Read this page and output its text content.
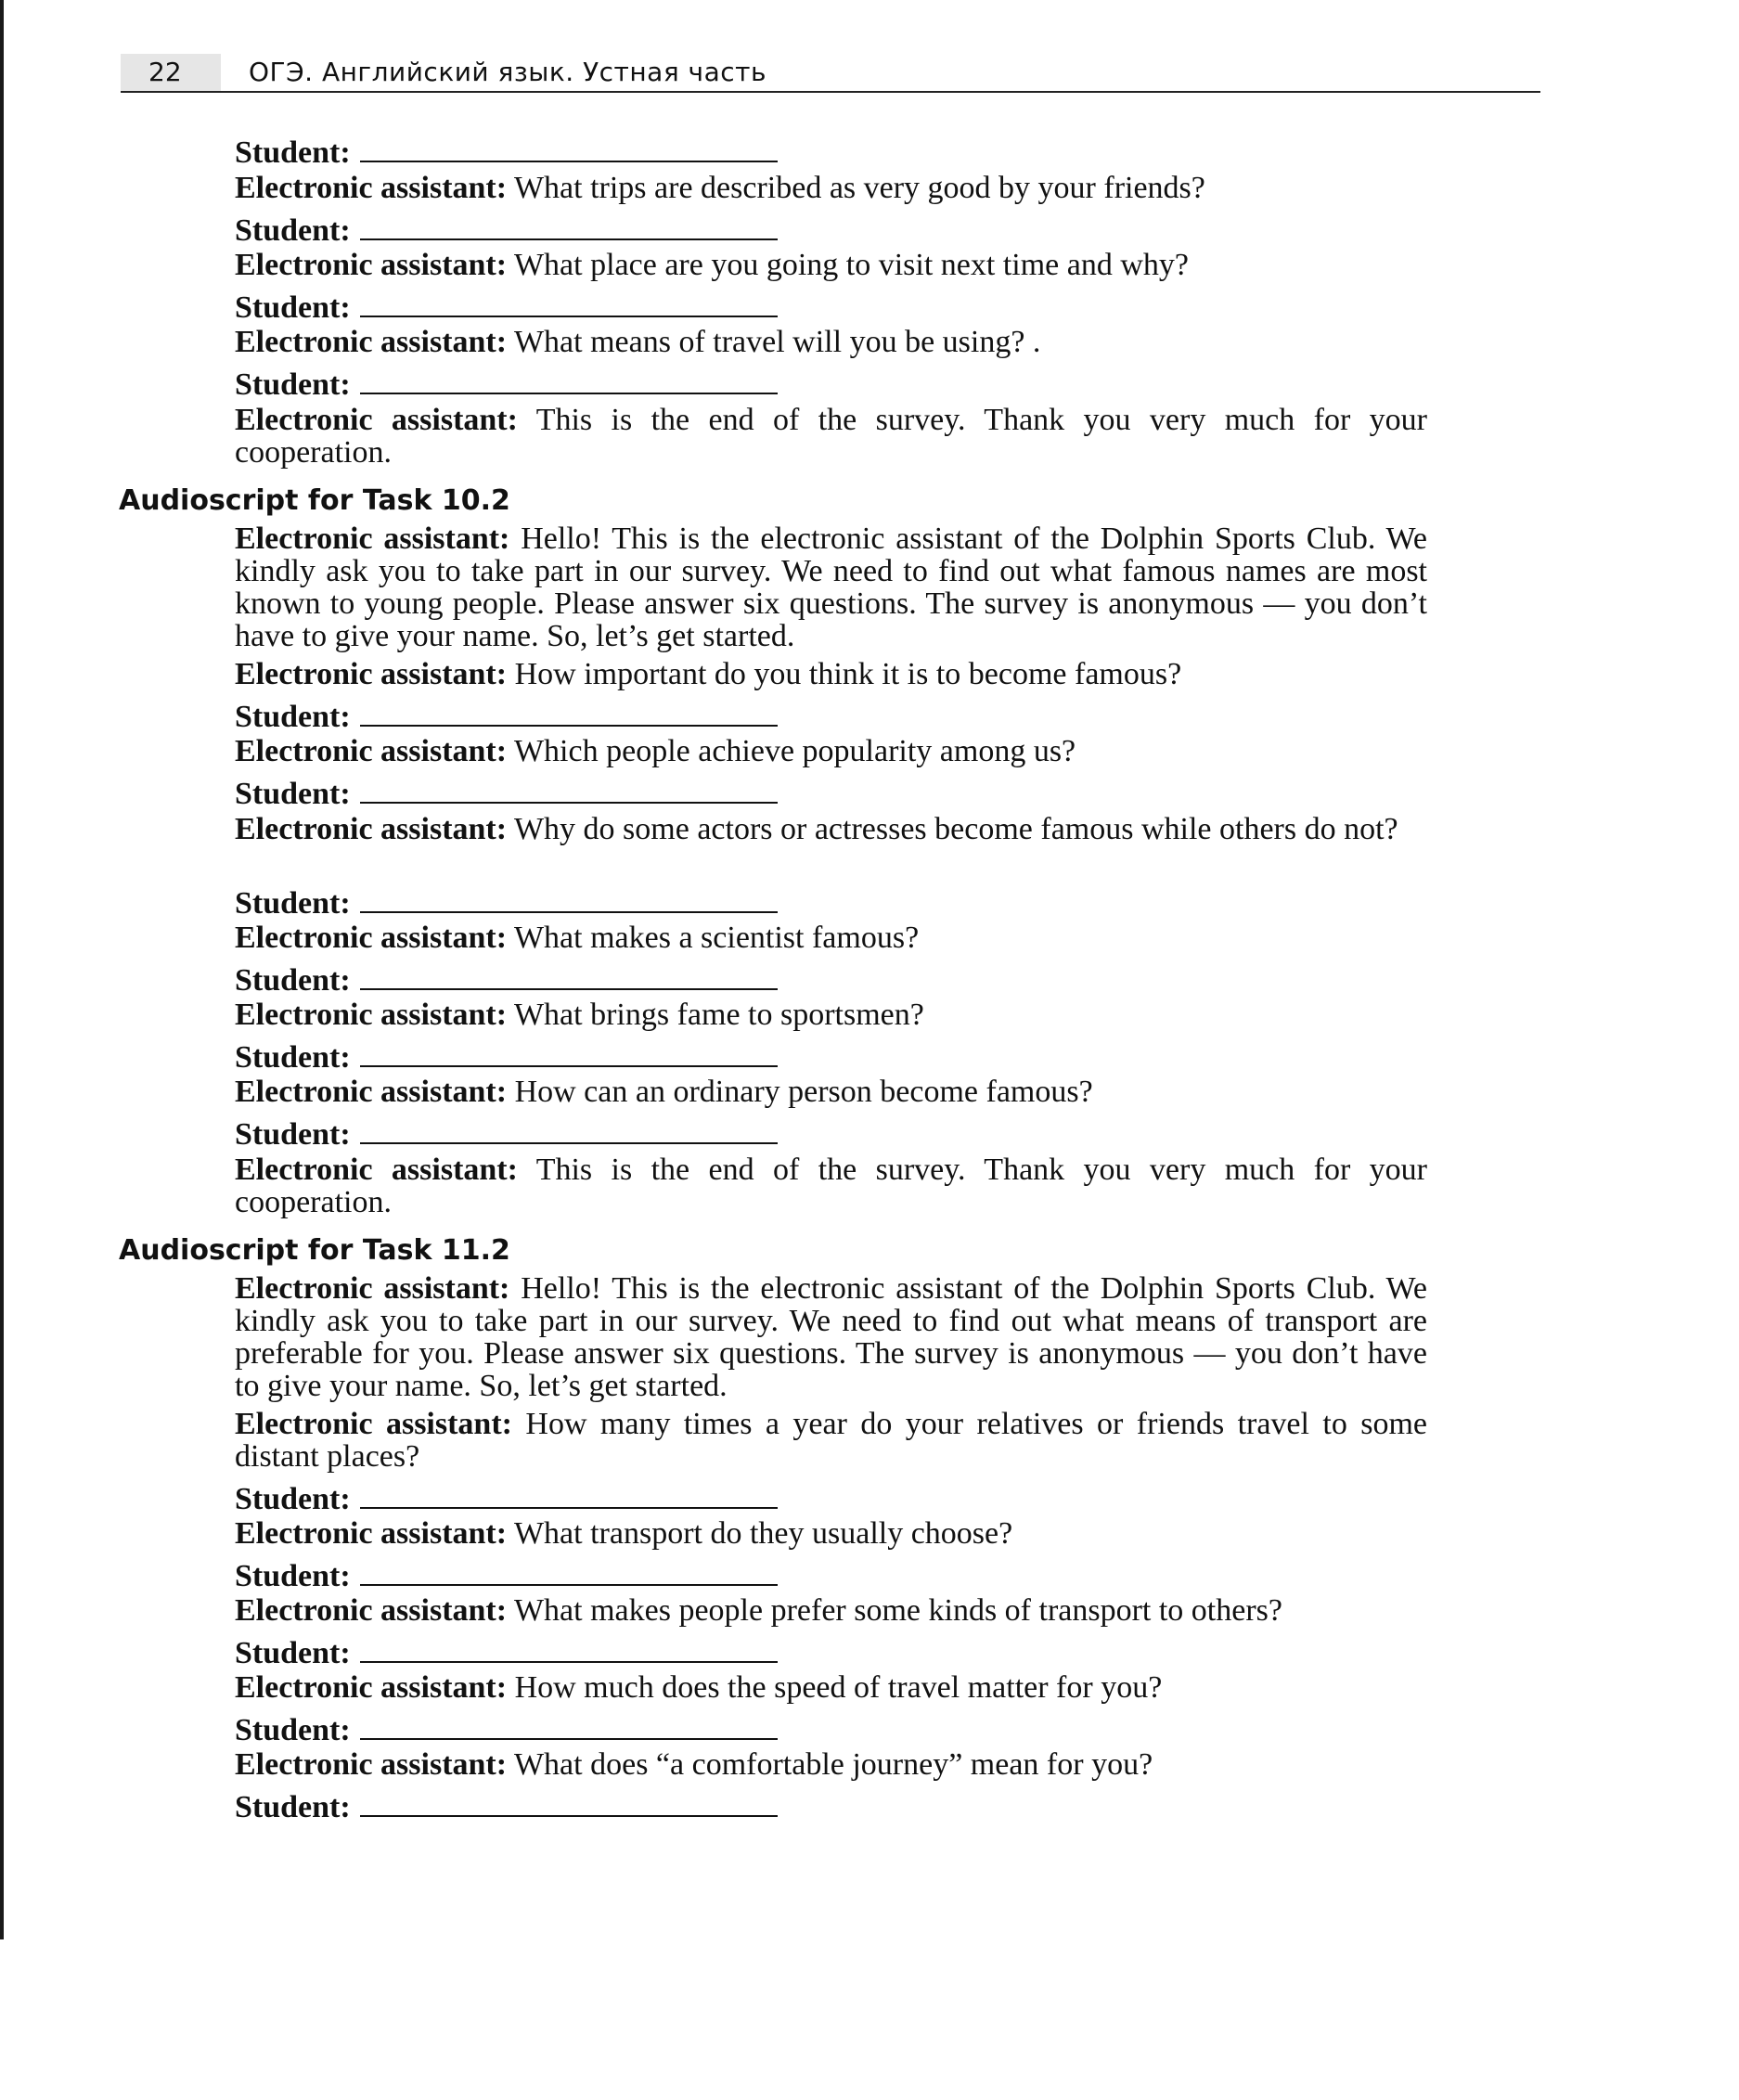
22	ОГЭ. Английский язык. Устная часть
Student:
Electronic assistant: What trips are described as very good by your friends?
Student:
Electronic assistant: What place are you going to visit next time and why?
Student:
Electronic assistant: What means of travel will you be using? .
Student:
Electronic assistant: This is the end of the survey. Thank you very much for your cooperation.
Audioscript for Task 10.2
Electronic assistant: Hello! This is the electronic assistant of the Dolphin Sports Club. We kindly ask you to take part in our survey. We need to find out what famous names are most known to young people. Please answer six questions. The survey is anonymous — you don’t have to give your name. So, let’s get started.
Electronic assistant: How important do you think it is to become famous?
Student:
Electronic assistant: Which people achieve popularity among us?
Student:
Electronic assistant: Why do some actors or actresses become famous while others do not?
Student:
Electronic assistant: What makes a scientist famous?
Student:
Electronic assistant: What brings fame to sportsmen?
Student:
Electronic assistant: How can an ordinary person become famous?
Student:
Electronic assistant: This is the end of the survey. Thank you very much for your cooperation.
Audioscript for Task 11.2
Electronic assistant: Hello! This is the electronic assistant of the Dolphin Sports Club. We kindly ask you to take part in our survey. We need to find out what means of transport are preferable for you. Please answer six questions. The survey is anonymous — you don’t have to give your name. So, let’s get started.
Electronic assistant: How many times a year do your relatives or friends travel to some distant places?
Student:
Electronic assistant: What transport do they usually choose?
Student:
Electronic assistant: What makes people prefer some kinds of transport to others?
Student:
Electronic assistant: How much does the speed of travel matter for you?
Student:
Electronic assistant: What does “a comfortable journey” mean for you?
Student:
